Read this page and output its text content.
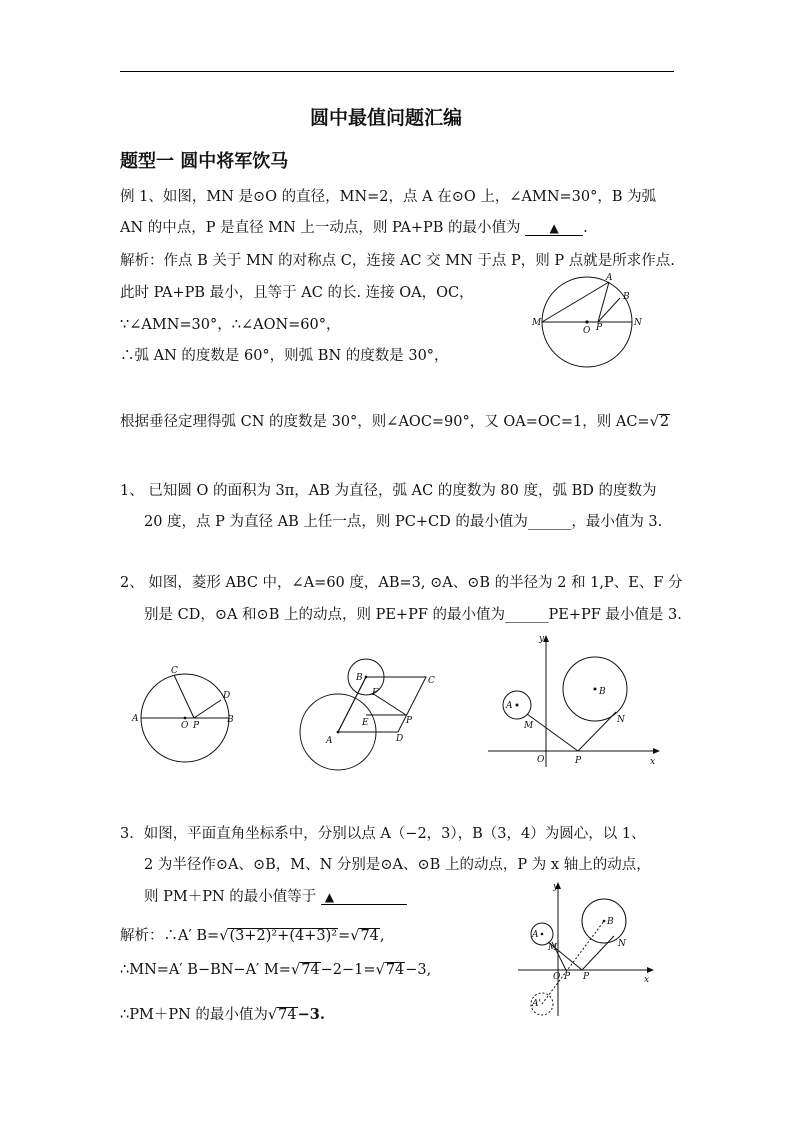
圆中最值问题汇编
题型一 圆中将军饮马
例 1、如图，MN 是⊙O 的直径，MN=2，点 A 在⊙O 上，∠AMN=30°，B 为弧
AN 的中点，P 是直径 MN 上一动点，则 PA+PB 的最小值为 ▲ .
解析：作点 B 关于 MN 的对称点 C，连接 AC 交 MN 于点 P，则 P 点就是所求作点.
此时 PA+PB 最小，且等于 AC 的长. 连接 OA，OC，
∵∠AMN=30°，∴∠AON=60°，
∴弧 AN 的度数是 60°，则弧 BN 的度数是 30°，
根据垂径定理得弧 CN 的度数是 30°，则∠AOC=90°，又 OA=OC=1，则 AC=√2
A
B
M	N
O P
1、 已知圆 O 的面积为 3π，AB 为直径，弧 AC 的度数为 80 度，弧 BD 的度数为
20 度，点 P 为直径 AB 上任一点，则 PC+CD 的最小值为______，最小值为 3.
2、 如图，菱形 ABC 中，∠A=60 度，AB=3, ⊙A、⊙B 的半径为 2 和 1,P、E、F 分
别是 CD，⊙A 和⊙B 上的动点，则 PE+PF 的最小值为______PE+PF 最小值是 3.
C
D
A	B
O P
B	C
F
E	P
A	D
y
x
O	P
A
B
M
N
3．如图，平面直角坐标系中，分别以点 A（−2，3），B（3，4）为圆心，以 1、
2 为半径作⊙A、⊙B，M、N 分别是⊙A、⊙B 上的动点，P 为 x 轴上的动点，
则 PM＋PN 的最小值等于 ▲
解析：∴A′ B=√(3+2)²+(4+3)²=√74,
∴MN=A′ B−BN−A′ M=√74−2−1=√74−3,
∴PM＋PN 的最小值为√74−3.
y
x
A
B
M	N
O P P
A'
